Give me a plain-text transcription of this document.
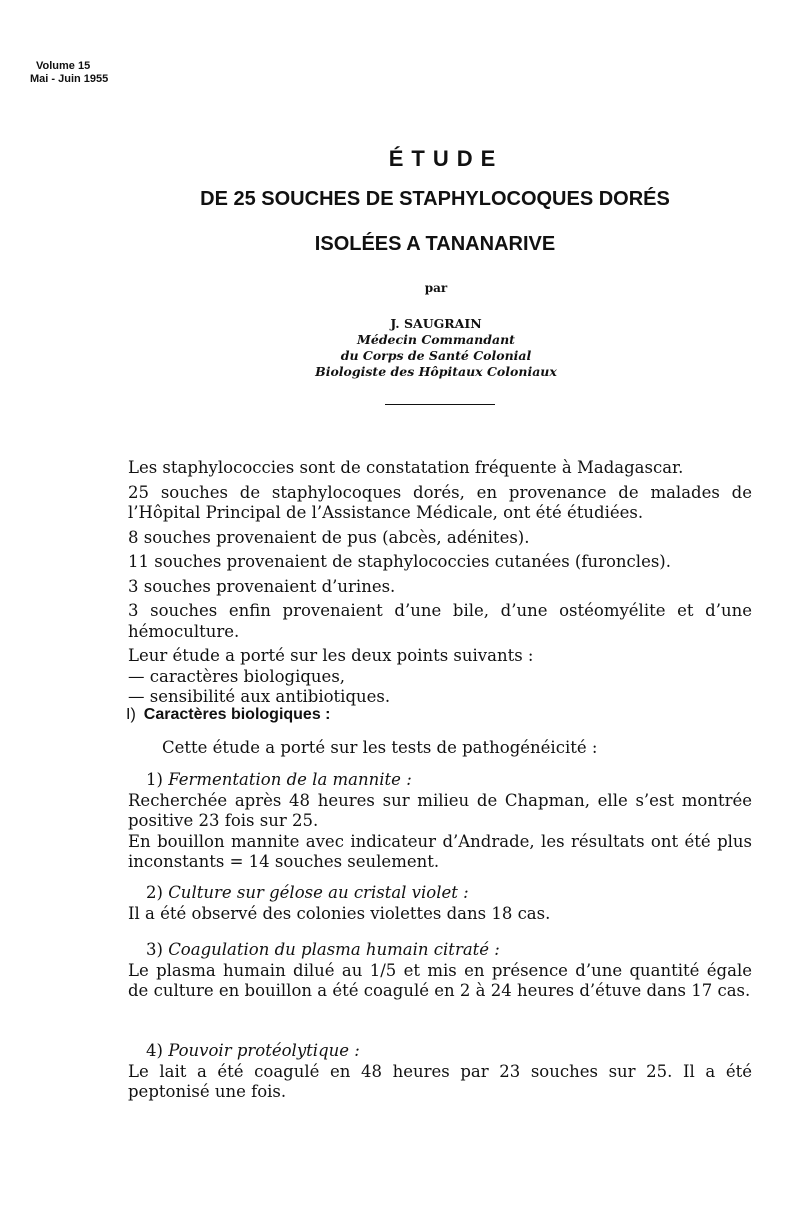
Volume 15
Mai - Juin 1955
ÉTUDE
DE 25 SOUCHES DE STAPHYLOCOQUES DORÉS
ISOLÉES A TANANARIVE
par
J. SAUGRAIN
Médecin Commandant
du Corps de Santé Colonial
Biologiste des Hôpitaux Coloniaux

Les staphylococcies sont de constatation fréquente à Madagascar.

25 souches de staphylocoques dorés, en provenance de malades de l’Hôpital Principal de l’Assistance Médicale, ont été étudiées.

8 souches provenaient de pus (abcès, adénites).

11 souches provenaient de staphylococcies cutanées (furoncles).

3 souches provenaient d’urines.

3 souches enfin provenaient d’une bile, d’une ostéomyélite et d’une hémoculture.

Leur étude a porté sur les deux points suivants :

— caractères biologiques,

— sensibilité aux antibiotiques.

I) Caractères biologiques :

Cette étude a porté sur les tests de pathogénéicité :

1) Fermentation de la mannite :

Recherchée après 48 heures sur milieu de Chapman, elle s’est montrée positive 23 fois sur 25.

En bouillon mannite avec indicateur d’Andrade, les résultats ont été plus inconstants = 14 souches seulement.

2) Culture sur gélose au cristal violet :

Il a été observé des colonies violettes dans 18 cas.

3) Coagulation du plasma humain citraté :

Le plasma humain dilué au 1/5 et mis en présence d’une quantité égale de culture en bouillon a été coagulé en 2 à 24 heures d’étuve dans 17 cas.

4) Pouvoir protéolytique :

Le lait a été coagulé en 48 heures par 23 souches sur 25. Il a été peptonisé une fois.
